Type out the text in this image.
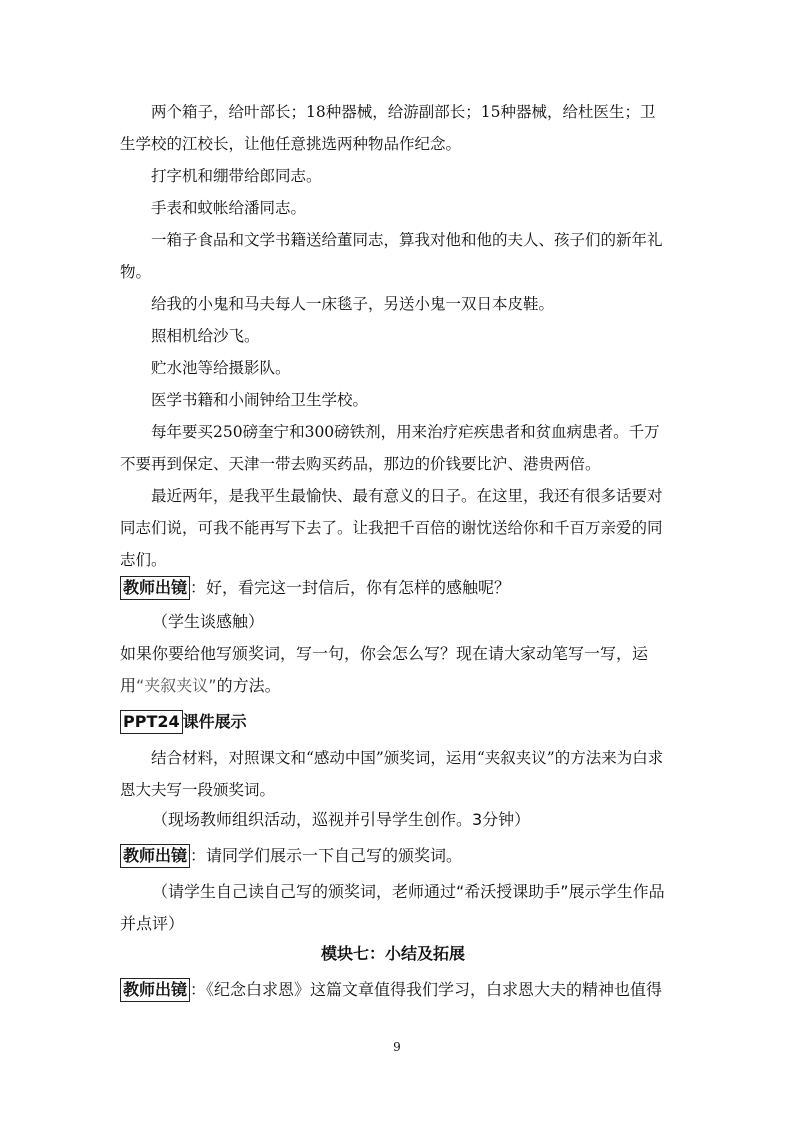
两个箱子，给叶部长；18种器械，给游副部长；15种器械，给杜医生；卫生学校的江校长，让他任意挑选两种物品作纪念。

打字机和绷带给郎同志。

手表和蚊帐给潘同志。

一箱子食品和文学书籍送给董同志，算我对他和他的夫人、孩子们的新年礼物。

给我的小鬼和马夫每人一床毯子，另送小鬼一双日本皮鞋。

照相机给沙飞。

贮水池等给摄影队。

医学书籍和小闹钟给卫生学校。

每年要买250磅奎宁和300磅铁剂，用来治疗疟疾患者和贫血病患者。千万不要再到保定、天津一带去购买药品，那边的价钱要比沪、港贵两倍。

最近两年，是我平生最愉快、最有意义的日子。在这里，我还有很多话要对同志们说，可我不能再写下去了。让我把千百倍的谢忱送给你和千百万亲爱的同志们。

教师出镜 ：好，看完这一封信后，你有怎样的感触呢？

（学生谈感触）

如果你要给他写颁奖词，写一句，你会怎么写？现在请大家动笔写一写，运用“夹叙夹议”的方法。

PPT24 课件展示

结合材料，对照课文和“感动中国”颁奖词，运用“夹叙夹议”的方法来为白求恩大夫写一段颁奖词。

（现场教师组织活动，巡视并引导学生创作。3分钟）

教师出镜 ：请同学们展示一下自己写的颁奖词。

（请学生自己读自己写的颁奖词，老师通过“希沃授课助手”展示学生作品并点评）

模块七：小结及拓展

教师出镜 ：《纪念白求恩》这篇文章值得我们学习，白求恩大夫的精神也值得

9
